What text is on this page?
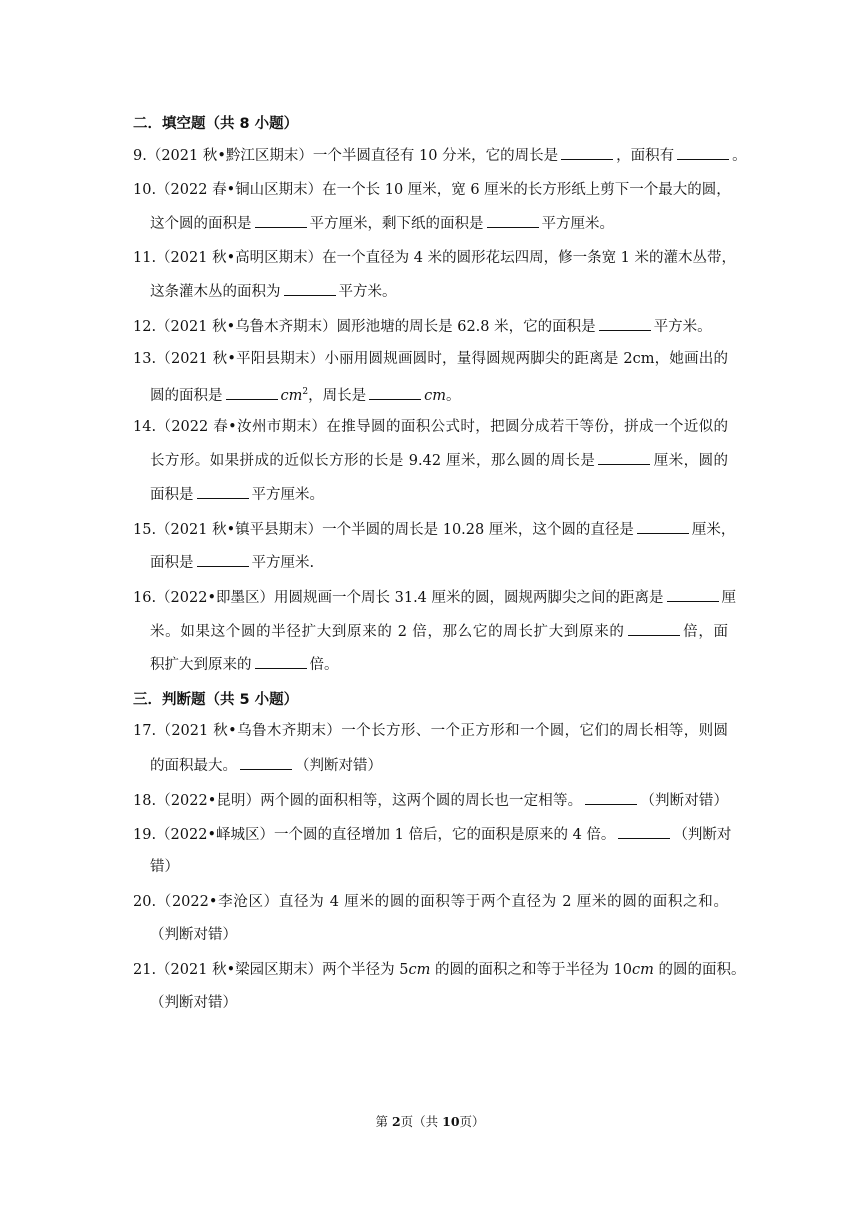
二．填空题（共 8 小题）
9.（2021 秋•黔江区期末）一个半圆直径有 10 分米，它的周长是	，面积有	。
10.（2022 春•铜山区期末）在一个长 10 厘米，宽 6 厘米的长方形纸上剪下一个最大的圆，
这个圆的面积是	平方厘米，剩下纸的面积是	平方厘米。
11.（2021 秋•高明区期末）在一个直径为 4 米的圆形花坛四周，修一条宽 1 米的灌木丛带，
这条灌木丛的面积为	平方米。
12.（2021 秋•乌鲁木齐期末）圆形池塘的周长是 62.8 米，它的面积是	平方米。
13.（2021 秋•平阳县期末）小丽用圆规画圆时，量得圆规两脚尖的距离是 2cm，她画出的
圆的面积是	$cm^2$，周长是	cm。
14.（2022 春•汝州市期末）在推导圆的面积公式时，把圆分成若干等份，拼成一个近似的
长方形。如果拼成的近似长方形的长是 9.42 厘米，那么圆的周长是	厘米，圆的
面积是	平方厘米。
15.（2021 秋•镇平县期末）一个半圆的周长是 10.28 厘米，这个圆的直径是	厘米，
面积是	平方厘米.
16.（2022•即墨区）用圆规画一个周长 31.4 厘米的圆，圆规两脚尖之间的距离是	厘
米。如果这个圆的半径扩大到原来的 2 倍，那么它的周长扩大到原来的	倍，面
积扩大到原来的	倍。
三．判断题（共 5 小题）
17.（2021 秋•乌鲁木齐期末）一个长方形、一个正方形和一个圆，它们的周长相等，则圆
的面积最大。	（判断对错）
18.（2022•昆明）两个圆的面积相等，这两个圆的周长也一定相等。	（判断对错）
19.（2022•峄城区）一个圆的直径增加 1 倍后，它的面积是原来的 4 倍。	（判断对
错）
20.（2022•李沧区）直径为 4 厘米的圆的面积等于两个直径为 2 厘米的圆的面积之和。
（判断对错）
21.（2021 秋•梁园区期末）两个半径为 5cm 的圆的面积之和等于半径为 10cm 的圆的面积。
（判断对错）
第 2页（共 10页）
